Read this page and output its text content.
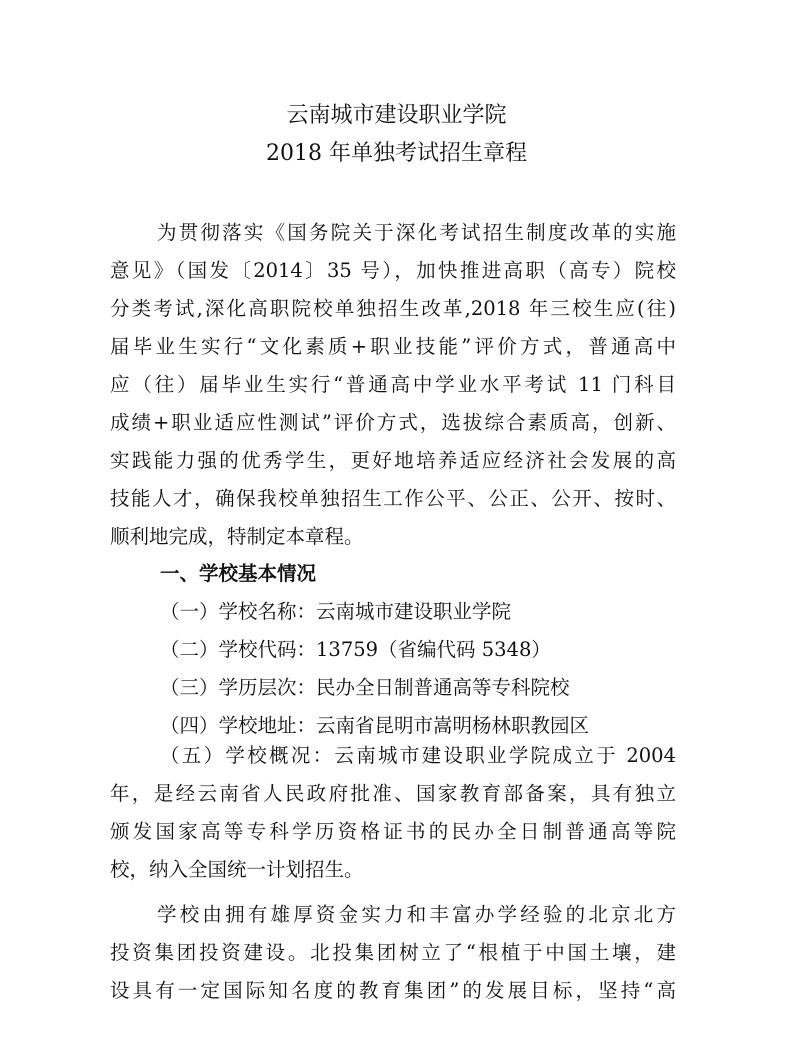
云南城市建设职业学院
2018 年单独考试招生章程
为贯彻落实《国务院关于深化考试招生制度改革的实施
意见》（国发〔2014〕35 号），加快推进高职（高专）院校
分类考试,深化高职院校单独招生改革,2018 年三校生应(往)
届毕业生实行“文化素质+职业技能”评价方式，普通高中
应（往）届毕业生实行“普通高中学业水平考试 11 门科目
成绩+职业适应性测试”评价方式，选拔综合素质高，创新、
实践能力强的优秀学生，更好地培养适应经济社会发展的高
技能人才，确保我校单独招生工作公平、公正、公开、按时、
顺利地完成，特制定本章程。
一、学校基本情况
（一）学校名称：云南城市建设职业学院
（二）学校代码：13759（省编代码 5348）
（三）学历层次：民办全日制普通高等专科院校
（四）学校地址：云南省昆明市嵩明杨林职教园区
（五）学校概况：云南城市建设职业学院成立于 2004
年，是经云南省人民政府批准、国家教育部备案，具有独立
颁发国家高等专科学历资格证书的民办全日制普通高等院
校，纳入全国统一计划招生。
学校由拥有雄厚资金实力和丰富办学经验的北京北方
投资集团投资建设。北投集团树立了“根植于中国土壤，建
设具有一定国际知名度的教育集团”的发展目标，坚持“高
